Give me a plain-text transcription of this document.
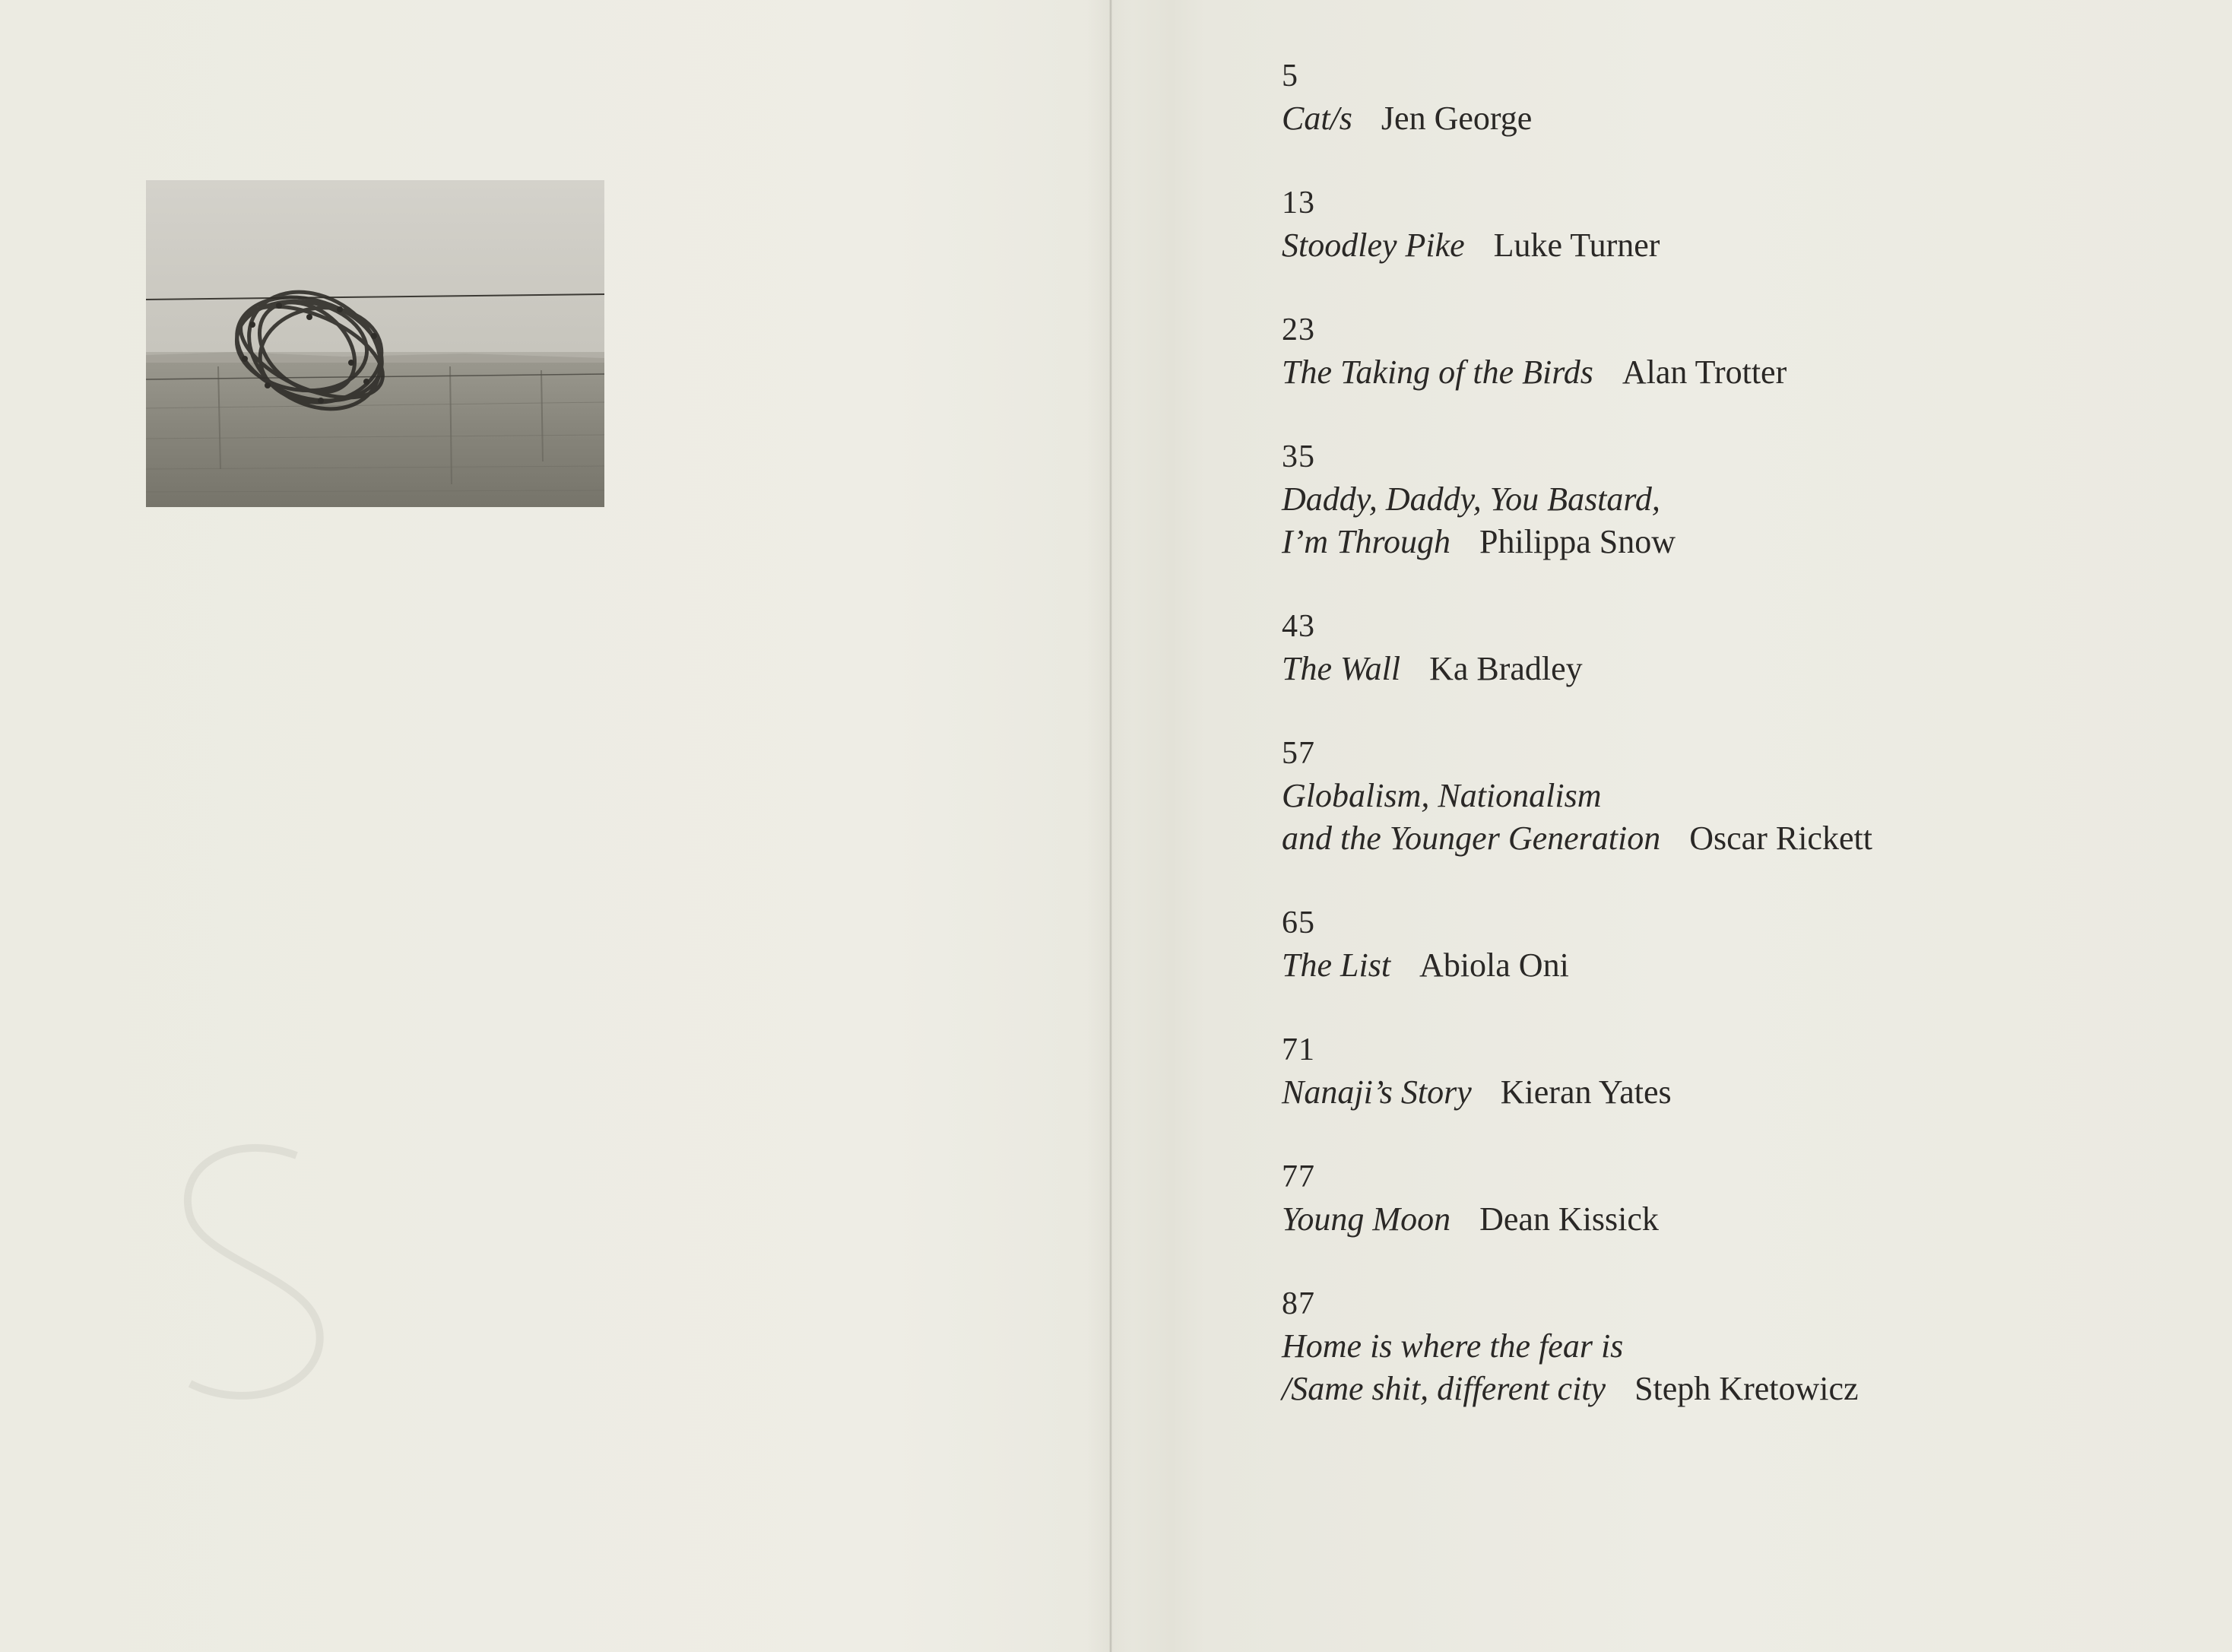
5
Cat/s Jen George
13
Stoodley Pike Luke Turner
23
The Taking of the Birds Alan Trotter
35
Daddy, Daddy, You Bastard,
I’m Through Philippa Snow
43
The Wall Ka Bradley
57
Globalism, Nationalism
and the Younger Generation Oscar Rickett
65
The List Abiola Oni
71
Nanaji’s Story Kieran Yates
77
Young Moon Dean Kissick
87
Home is where the fear is
/Same shit, different city Steph Kretowicz
